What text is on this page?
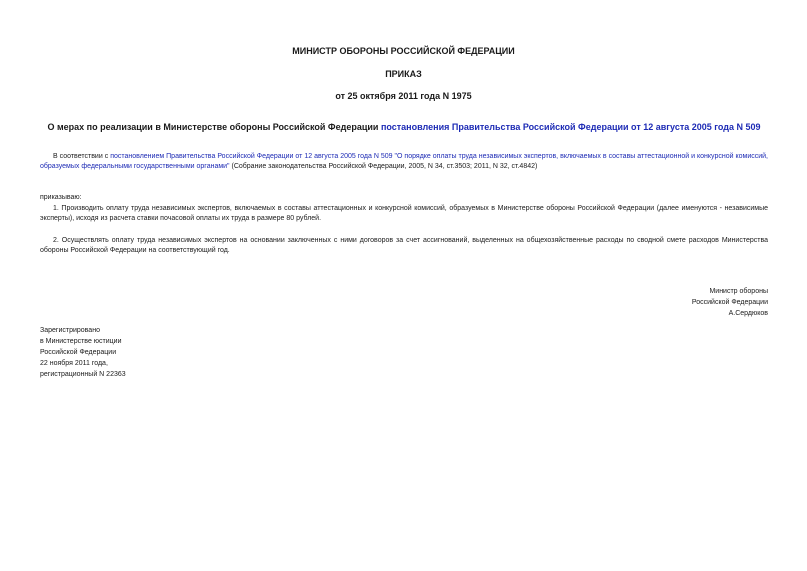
МИНИСТР ОБОРОНЫ РОССИЙСКОЙ ФЕДЕРАЦИИ

ПРИКАЗ

от 25 октября 2011 года N 1975

О мерах по реализации в Министерстве обороны Российской Федерации постановления Правительства Российской Федерации от 12 августа 2005 года N 509

В соответствии с постановлением Правительства Российской Федерации от 12 августа 2005 года N 509 "О порядке оплаты труда независимых экспертов, включаемых в составы аттестационной и конкурсной комиссий, образуемых федеральными государственными органами" (Собрание законодательства Российской Федерации, 2005, N 34, ст.3503; 2011, N 32, ст.4842)

приказываю:

1. Производить оплату труда независимых экспертов, включаемых в составы аттестационных и конкурсной комиссий, образуемых в Министерстве обороны Российской Федерации (далее именуются - независимые эксперты), исходя из расчета ставки почасовой оплаты их труда в размере 80 рублей.

2. Осуществлять оплату труда независимых экспертов на основании заключенных с ними договоров за счет ассигнований, выделенных на общехозяйственные расходы по сводной смете расходов Министерства обороны Российской Федерации на соответствующий год.

Министр обороны

Российской Федерации

А.Сердюков

Зарегистрировано

в Министерстве юстиции

Российской Федерации

22 ноября 2011 года,

регистрационный N 22363
